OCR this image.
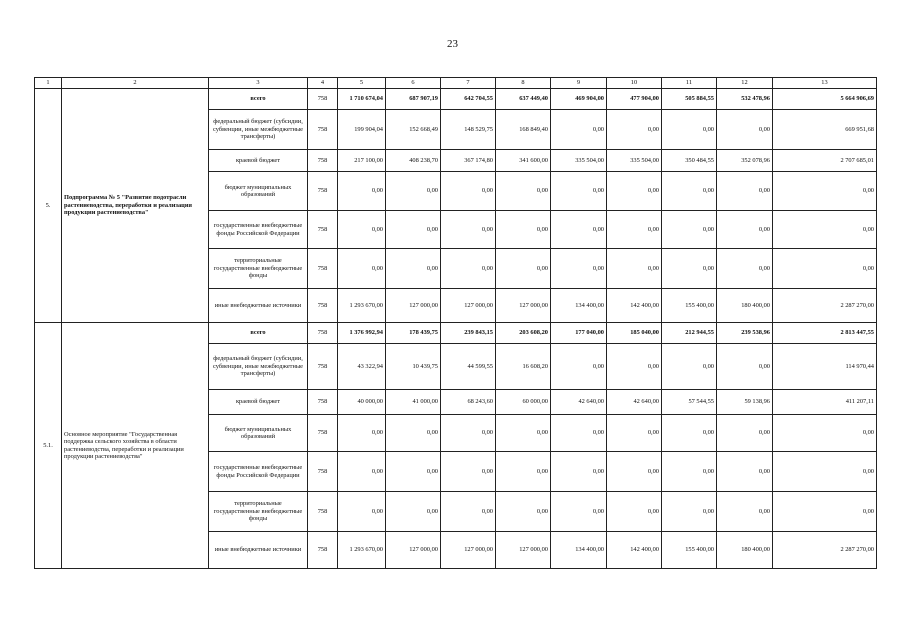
23
1	2	3	4	5	6	7	8	9	10	11	12	13
5.	Подпрограмма № 5 "Развитие подотрасли растениеводства, переработки и реализация продукции растениеводства"	всего	758	1 710 674,04	687 907,19	642 704,55	637 449,40	469 904,00	477 904,00	505 884,55	532 478,96	5 664 906,69
		федеральный бюджет (субсидии, субвенции, иные межбюджетные трансферты)	758	199 904,04	152 668,49	148 529,75	168 849,40	0,00	0,00	0,00	0,00	669 951,68
		краевой бюджет	758	217 100,00	408 238,70	367 174,80	341 600,00	335 504,00	335 504,00	350 484,55	352 078,96	2 707 685,01
		бюджет муниципальных образований	758	0,00	0,00	0,00	0,00	0,00	0,00	0,00	0,00	0,00
		государственные внебюджетные фонды Российской Федерации	758	0,00	0,00	0,00	0,00	0,00	0,00	0,00	0,00	0,00
		территориальные государственные внебюджетные фонды	758	0,00	0,00	0,00	0,00	0,00	0,00	0,00	0,00	0,00
		иные внебюджетные источники	758	1 293 670,00	127 000,00	127 000,00	127 000,00	134 400,00	142 400,00	155 400,00	180 400,00	2 287 270,00
5.1.	Основное мероприятие "Государственная поддержка сельского хозяйства в области растениеводства, переработки и реализации продукции растениеводства"	всего	758	1 376 992,94	178 439,75	239 843,15	203 608,20	177 040,00	185 040,00	212 944,55	239 538,96	2 813 447,55
		федеральный бюджет (субсидии, субвенции, иные межбюджетные трансферты)	758	43 322,94	10 439,75	44 599,55	16 608,20	0,00	0,00	0,00	0,00	114 970,44
		краевой бюджет	758	40 000,00	41 000,00	68 243,60	60 000,00	42 640,00	42 640,00	57 544,55	59 138,96	411 207,11
		бюджет муниципальных образований	758	0,00	0,00	0,00	0,00	0,00	0,00	0,00	0,00	0,00
		государственные внебюджетные фонды Российской Федерации	758	0,00	0,00	0,00	0,00	0,00	0,00	0,00	0,00	0,00
		территориальные государственные внебюджетные фонды	758	0,00	0,00	0,00	0,00	0,00	0,00	0,00	0,00	0,00
		иные внебюджетные источники	758	1 293 670,00	127 000,00	127 000,00	127 000,00	134 400,00	142 400,00	155 400,00	180 400,00	2 287 270,00
